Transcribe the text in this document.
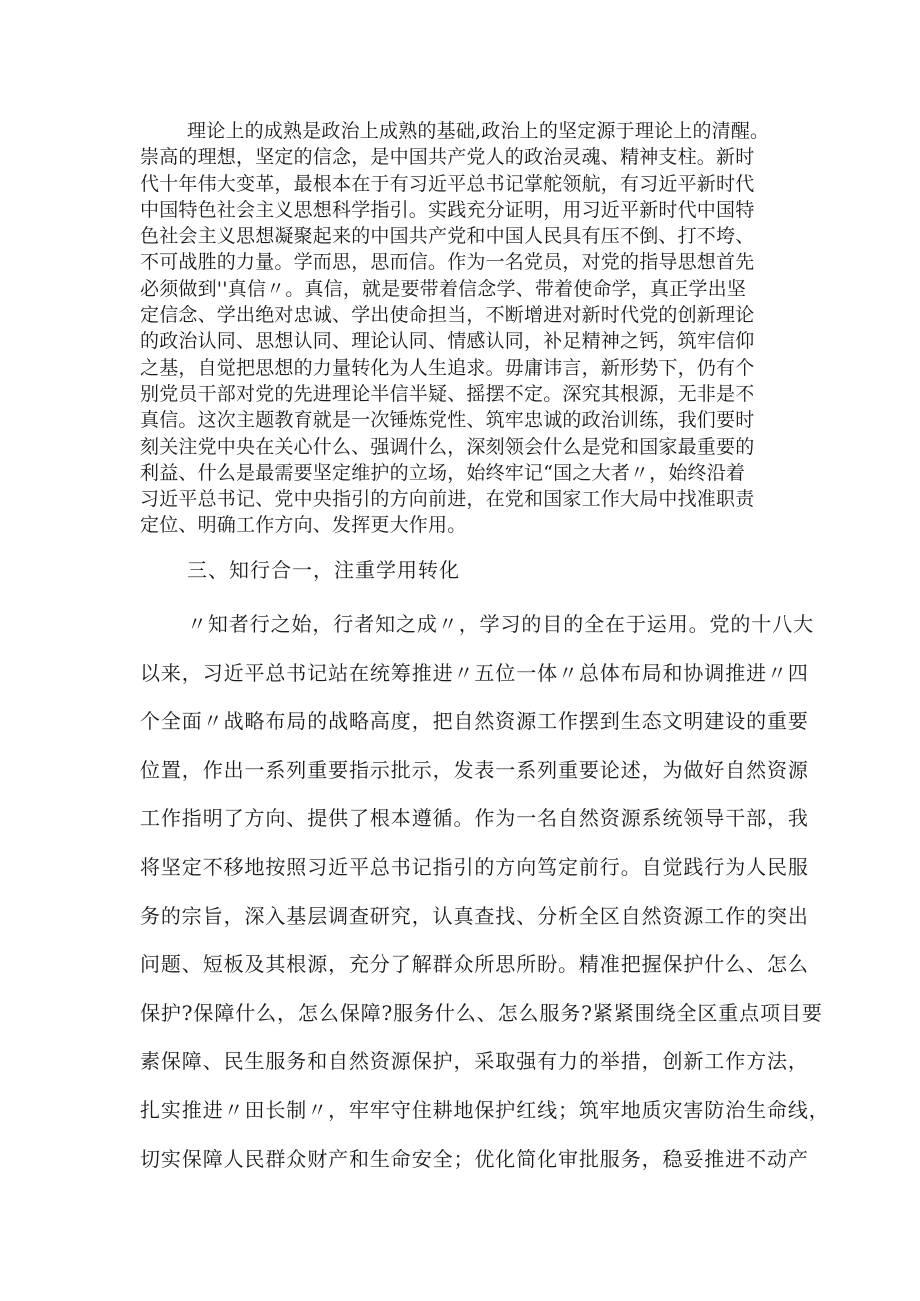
理论上的成熟是政治上成熟的基础,政治上的坚定源于理论上的清醒。
崇高的理想，坚定的信念，是中国共产党人的政治灵魂、精神支柱。新时
代十年伟大变革，最根本在于有习近平总书记掌舵领航，有习近平新时代
中国特色社会主义思想科学指引。实践充分证明，用习近平新时代中国特
色社会主义思想凝聚起来的中国共产党和中国人民具有压不倒、打不垮、
不可战胜的力量。学而思，思而信。作为一名党员，对党的指导思想首先
必须做到''真信〃。真信，就是要带着信念学、带着使命学，真正学出坚
定信念、学出绝对忠诚、学出使命担当，不断增进对新时代党的创新理论
的政治认同、思想认同、理论认同、情感认同，补足精神之钙，筑牢信仰
之基，自觉把思想的力量转化为人生追求。毋庸讳言，新形势下，仍有个
别党员干部对党的先进理论半信半疑、摇摆不定。深究其根源，无非是不
真信。这次主题教育就是一次锤炼党性、筑牢忠诚的政治训练，我们要时
刻关注党中央在关心什么、强调什么，深刻领会什么是党和国家最重要的
利益、什么是最需要坚定维护的立场，始终牢记“国之大者〃，始终沿着
习近平总书记、党中央指引的方向前进，在党和国家工作大局中找准职责
定位、明确工作方向、发挥更大作用。
三、知行合一，注重学用转化
〃知者行之始，行者知之成〃，学习的目的全在于运用。党的十八大
以来，习近平总书记站在统筹推进〃五位一体〃总体布局和协调推进〃四
个全面〃战略布局的战略高度，把自然资源工作摆到生态文明建设的重要
位置，作出一系列重要指示批示，发表一系列重要论述，为做好自然资源
工作指明了方向、提供了根本遵循。作为一名自然资源系统领导干部，我
将坚定不移地按照习近平总书记指引的方向笃定前行。自觉践行为人民服
务的宗旨，深入基层调查研究，认真查找、分析全区自然资源工作的突出
问题、短板及其根源，充分了解群众所思所盼。精准把握保护什么、怎么
保护?保障什么，怎么保障?服务什么、怎么服务?紧紧围绕全区重点项目要
素保障、民生服务和自然资源保护，采取强有力的举措，创新工作方法，
扎实推进〃田长制〃，牢牢守住耕地保护红线；筑牢地质灾害防治生命线，
切实保障人民群众财产和生命安全；优化简化审批服务，稳妥推进不动产
